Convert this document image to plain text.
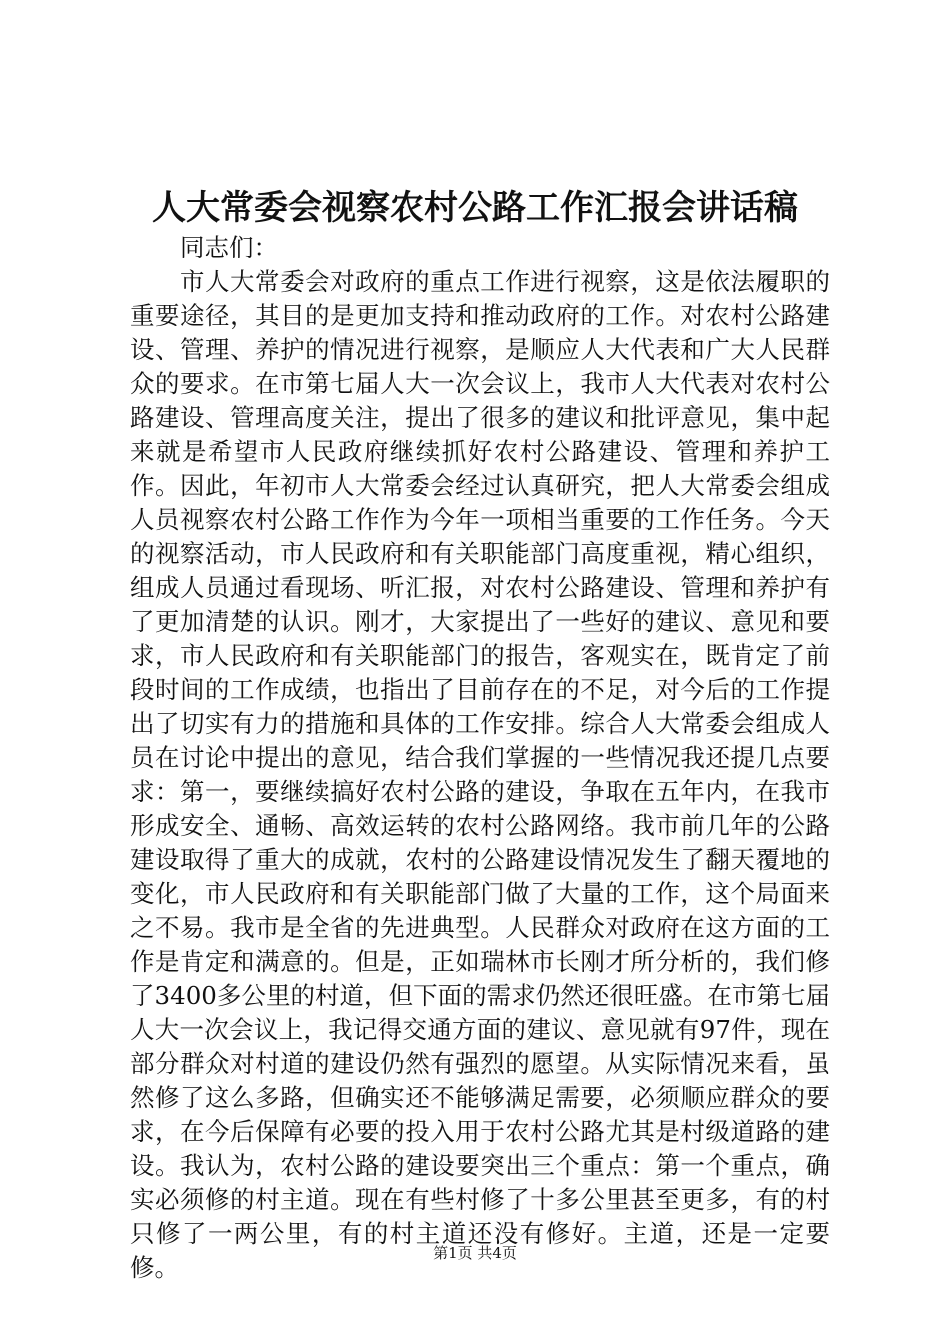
人大常委会视察农村公路工作汇报会讲话稿

同志们：

市人大常委会对政府的重点工作进行视察，这是依法履职的重要途径，其目的是更加支持和推动政府的工作。对农村公路建设、管理、养护的情况进行视察，是顺应人大代表和广大人民群众的要求。在市第七届人大一次会议上，我市人大代表对农村公路建设、管理高度关注，提出了很多的建议和批评意见，集中起来就是希望市人民政府继续抓好农村公路建设、管理和养护工作。因此，年初市人大常委会经过认真研究，把人大常委会组成人员视察农村公路工作作为今年一项相当重要的工作任务。今天的视察活动，市人民政府和有关职能部门高度重视，精心组织，组成人员通过看现场、听汇报，对农村公路建设、管理和养护有了更加清楚的认识。刚才，大家提出了一些好的建议、意见和要求，市人民政府和有关职能部门的报告，客观实在，既肯定了前段时间的工作成绩，也指出了目前存在的不足，对今后的工作提出了切实有力的措施和具体的工作安排。综合人大常委会组成人员在讨论中提出的意见，结合我们掌握的一些情况我还提几点要求：第一，要继续搞好农村公路的建设，争取在五年内，在我市形成安全、通畅、高效运转的农村公路网络。我市前几年的公路建设取得了重大的成就，农村的公路建设情况发生了翻天覆地的变化，市人民政府和有关职能部门做了大量的工作，这个局面来之不易。我市是全省的先进典型。人民群众对政府在这方面的工作是肯定和满意的。但是，正如瑞林市长刚才所分析的，我们修了3400多公里的村道，但下面的需求仍然还很旺盛。在市第七届人大一次会议上，我记得交通方面的建议、意见就有97件，现在部分群众对村道的建设仍然有强烈的愿望。从实际情况来看，虽然修了这么多路，但确实还不能够满足需要，必须顺应群众的要求，在今后保障有必要的投入用于农村公路尤其是村级道路的建设。我认为，农村公路的建设要突出三个重点：第一个重点，确实必须修的村主道。现在有些村修了十多公里甚至更多，有的村只修了一两公里，有的村主道还没有修好。主道，还是一定要修。	第1页 共4页
